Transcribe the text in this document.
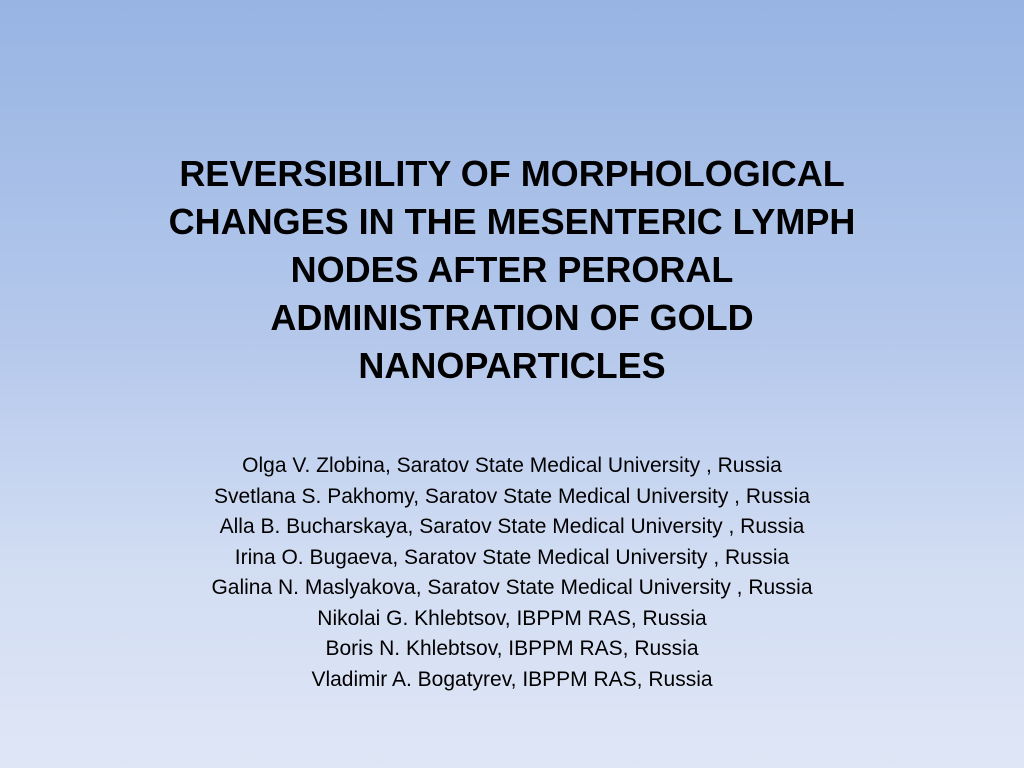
REVERSIBILITY OF MORPHOLOGICAL
CHANGES IN THE MESENTERIC LYMPH
NODES AFTER PERORAL
ADMINISTRATION OF GOLD
NANOPARTICLES
Olga V. Zlobina, Saratov State Medical University , Russia
Svetlana S. Pakhomy, Saratov State Medical University , Russia
Alla B. Bucharskaya, Saratov State Medical University , Russia
Irina O. Bugaeva, Saratov State Medical University , Russia
Galina N. Maslyakova, Saratov State Medical University , Russia
Nikolai G. Khlebtsov, IBPPM RAS, Russia
Boris N. Khlebtsov, IBPPM RAS, Russia
Vladimir A. Bogatyrev, IBPPM RAS, Russia
